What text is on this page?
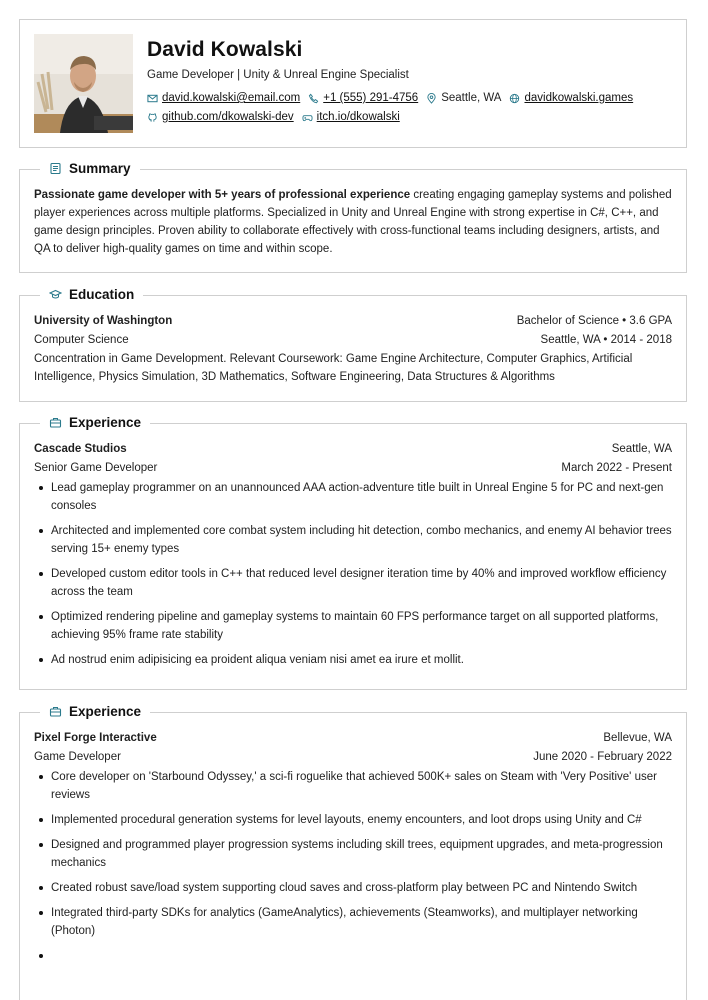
David Kowalski
Game Developer | Unity & Unreal Engine Specialist
david.kowalski@email.com +1 (555) 291-4756 Seattle, WA davidkowalski.games
github.com/dkowalski-dev itch.io/dkowalski
Summary
Passionate game developer with 5+ years of professional experience creating engaging gameplay systems and polished player experiences across multiple platforms. Specialized in Unity and Unreal Engine with strong expertise in C#, C++, and game design principles. Proven ability to collaborate effectively with cross-functional teams including designers, artists, and QA to deliver high-quality games on time and within scope.
Education
University of Washington	Bachelor of Science • 3.6 GPA
Computer Science	Seattle, WA • 2014 - 2018
Concentration in Game Development. Relevant Coursework: Game Engine Architecture, Computer Graphics, Artificial Intelligence, Physics Simulation, 3D Mathematics, Software Engineering, Data Structures & Algorithms
Experience
Cascade Studios	Seattle, WA
Senior Game Developer	March 2022 - Present
Lead gameplay programmer on an unannounced AAA action-adventure title built in Unreal Engine 5 for PC and next-gen consoles
Architected and implemented core combat system including hit detection, combo mechanics, and enemy AI behavior trees serving 15+ enemy types
Developed custom editor tools in C++ that reduced level designer iteration time by 40% and improved workflow efficiency across the team
Optimized rendering pipeline and gameplay systems to maintain 60 FPS performance target on all supported platforms, achieving 95% frame rate stability
Ad nostrud enim adipisicing ea proident aliqua veniam nisi amet ea irure et mollit.
Experience
Pixel Forge Interactive	Bellevue, WA
Game Developer	June 2020 - February 2022
Core developer on 'Starbound Odyssey,' a sci-fi roguelike that achieved 500K+ sales on Steam with 'Very Positive' user reviews
Implemented procedural generation systems for level layouts, enemy encounters, and loot drops using Unity and C#
Designed and programmed player progression systems including skill trees, equipment upgrades, and meta-progression mechanics
Created robust save/load system supporting cloud saves and cross-platform play between PC and Nintendo Switch
Integrated third-party SDKs for analytics (GameAnalytics), achievements (Steamworks), and multiplayer networking (Photon)
